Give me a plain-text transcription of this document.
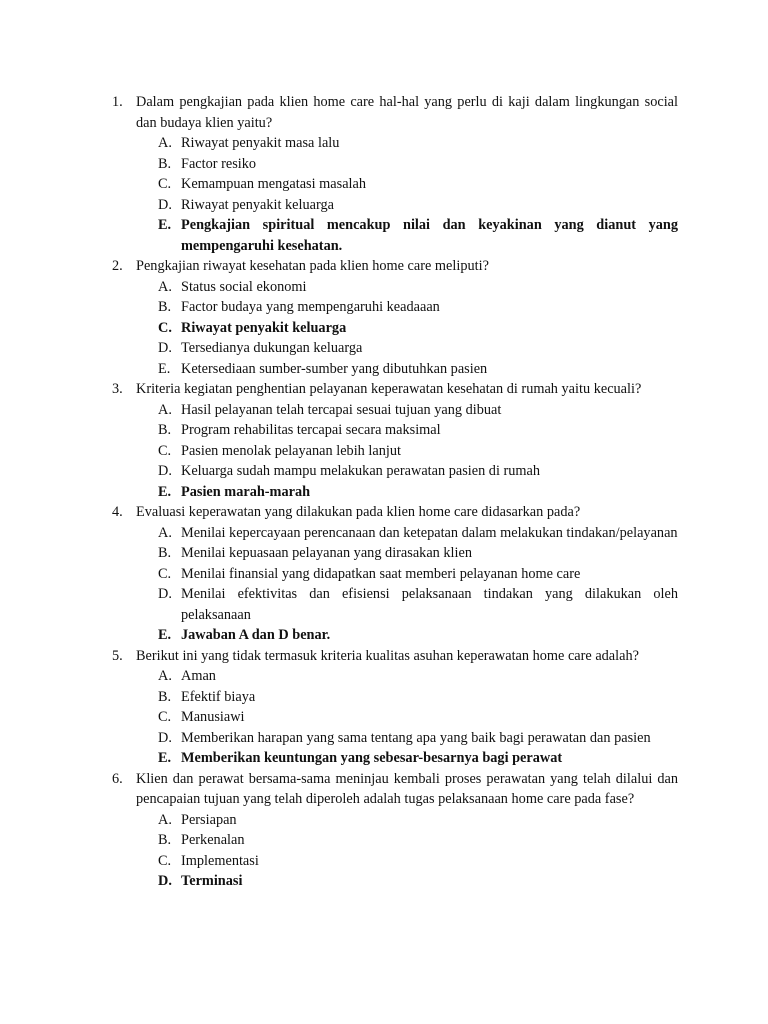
1. Dalam pengkajian pada klien home care hal-hal yang perlu di kaji dalam lingkungan social dan budaya klien yaitu?
A. Riwayat penyakit masa lalu
B. Factor resiko
C. Kemampuan mengatasi masalah
D. Riwayat penyakit keluarga
E. Pengkajian spiritual mencakup nilai dan keyakinan yang dianut yang mempengaruhi kesehatan.
2. Pengkajian riwayat kesehatan pada klien home care meliputi?
A. Status social ekonomi
B. Factor budaya yang mempengaruhi keadaaan
C. Riwayat penyakit keluarga
D. Tersedianya dukungan keluarga
E. Ketersediaan sumber-sumber yang dibutuhkan pasien
3. Kriteria kegiatan penghentian pelayanan keperawatan kesehatan di rumah yaitu kecuali?
A. Hasil pelayanan telah tercapai sesuai tujuan yang dibuat
B. Program rehabilitas tercapai secara maksimal
C. Pasien menolak pelayanan lebih lanjut
D. Keluarga sudah mampu melakukan perawatan pasien di rumah
E. Pasien marah-marah
4. Evaluasi keperawatan yang dilakukan pada klien home care didasarkan pada?
A. Menilai kepercayaan perencanaan dan ketepatan dalam melakukan tindakan/pelayanan
B. Menilai kepuasaan pelayanan yang dirasakan klien
C. Menilai finansial yang didapatkan saat memberi pelayanan home care
D. Menilai efektivitas dan efisiensi pelaksanaan tindakan yang dilakukan oleh pelaksanaan
E. Jawaban A dan D benar.
5. Berikut ini yang tidak termasuk kriteria kualitas asuhan keperawatan home care adalah?
A. Aman
B. Efektif biaya
C. Manusiawi
D. Memberikan harapan yang sama tentang apa yang baik bagi perawatan dan pasien
E. Memberikan keuntungan yang sebesar-besarnya bagi perawat
6. Klien dan perawat bersama-sama meninjau kembali proses perawatan yang telah dilalui dan pencapaian tujuan yang telah diperoleh adalah tugas pelaksanaan home care pada fase?
A. Persiapan
B. Perkenalan
C. Implementasi
D. Terminasi
